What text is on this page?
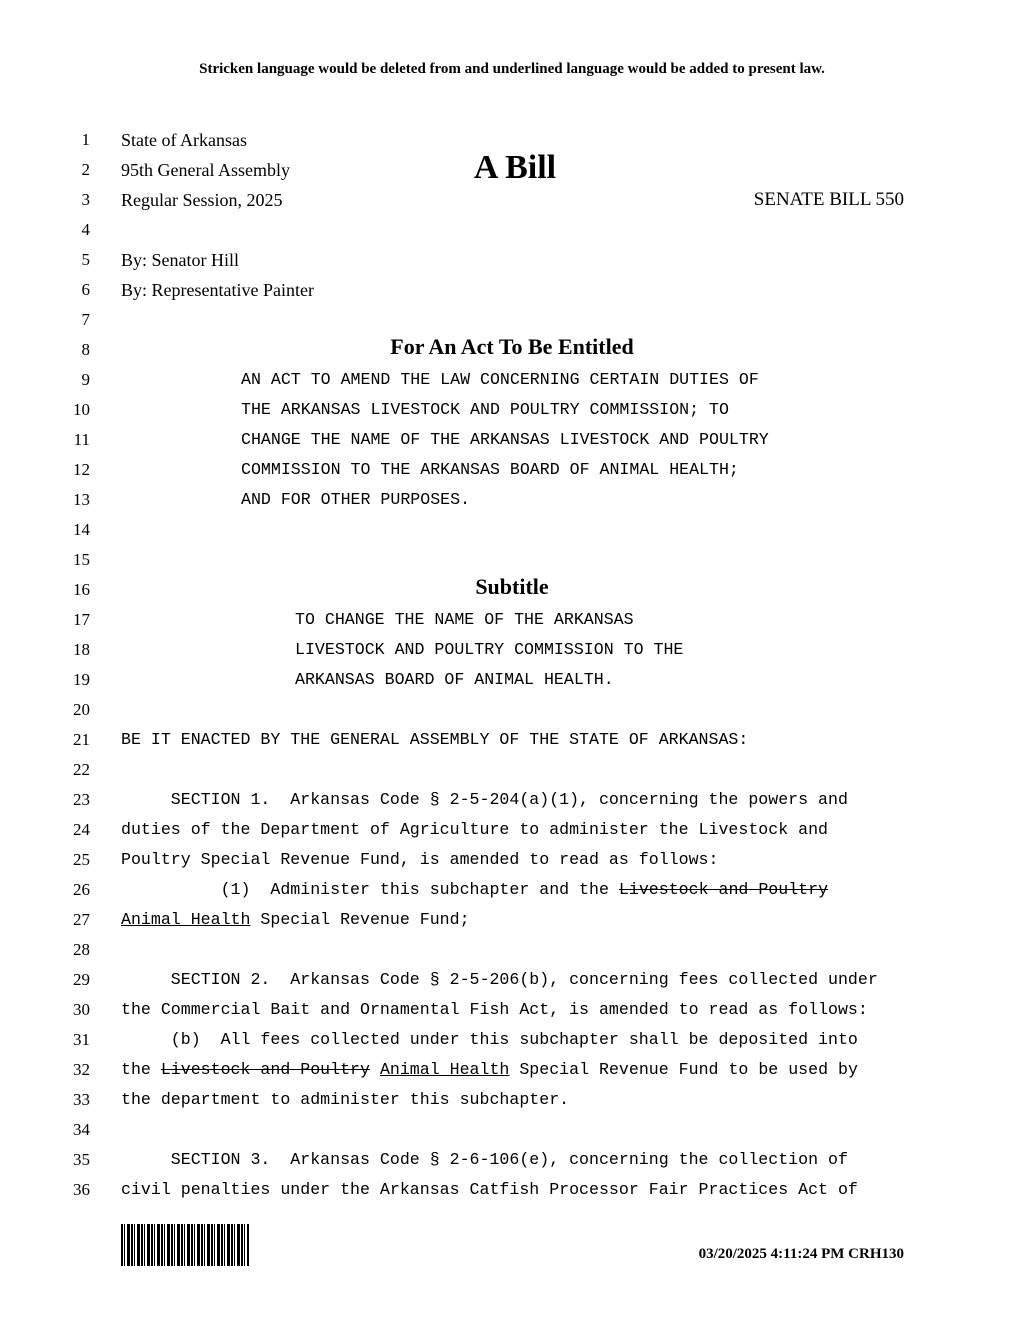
Stricken language would be deleted from and underlined language would be added to present law.
1 State of Arkansas
2 95th General Assembly	A Bill
3 Regular Session, 2025	SENATE BILL 550
4
5 By: Senator Hill
6 By: Representative Painter
7
8	For An Act To Be Entitled
9	AN ACT TO AMEND THE LAW CONCERNING CERTAIN DUTIES OF
10	THE ARKANSAS LIVESTOCK AND POULTRY COMMISSION; TO
11	CHANGE THE NAME OF THE ARKANSAS LIVESTOCK AND POULTRY
12	COMMISSION TO THE ARKANSAS BOARD OF ANIMAL HEALTH;
13	AND FOR OTHER PURPOSES.
14
15
16	Subtitle
17	TO CHANGE THE NAME OF THE ARKANSAS
18	LIVESTOCK AND POULTRY COMMISSION TO THE
19	ARKANSAS BOARD OF ANIMAL HEALTH.
20
21 BE IT ENACTED BY THE GENERAL ASSEMBLY OF THE STATE OF ARKANSAS:
22
23 SECTION 1.  Arkansas Code § 2-5-204(a)(1), concerning the powers and
24 duties of the Department of Agriculture to administer the Livestock and
25 Poultry Special Revenue Fund, is amended to read as follows:
26 (1)  Administer this subchapter and the Livestock and Poultry
27 Animal Health Special Revenue Fund;
28
29 SECTION 2.  Arkansas Code § 2-5-206(b), concerning fees collected under
30 the Commercial Bait and Ornamental Fish Act, is amended to read as follows:
31 (b)  All fees collected under this subchapter shall be deposited into
32 the Livestock and Poultry Animal Health Special Revenue Fund to be used by
33 the department to administer this subchapter.
34
35 SECTION 3.  Arkansas Code § 2-6-106(e), concerning the collection of
36 civil penalties under the Arkansas Catfish Processor Fair Practices Act of
03/20/2025 4:11:24 PM CRH130
